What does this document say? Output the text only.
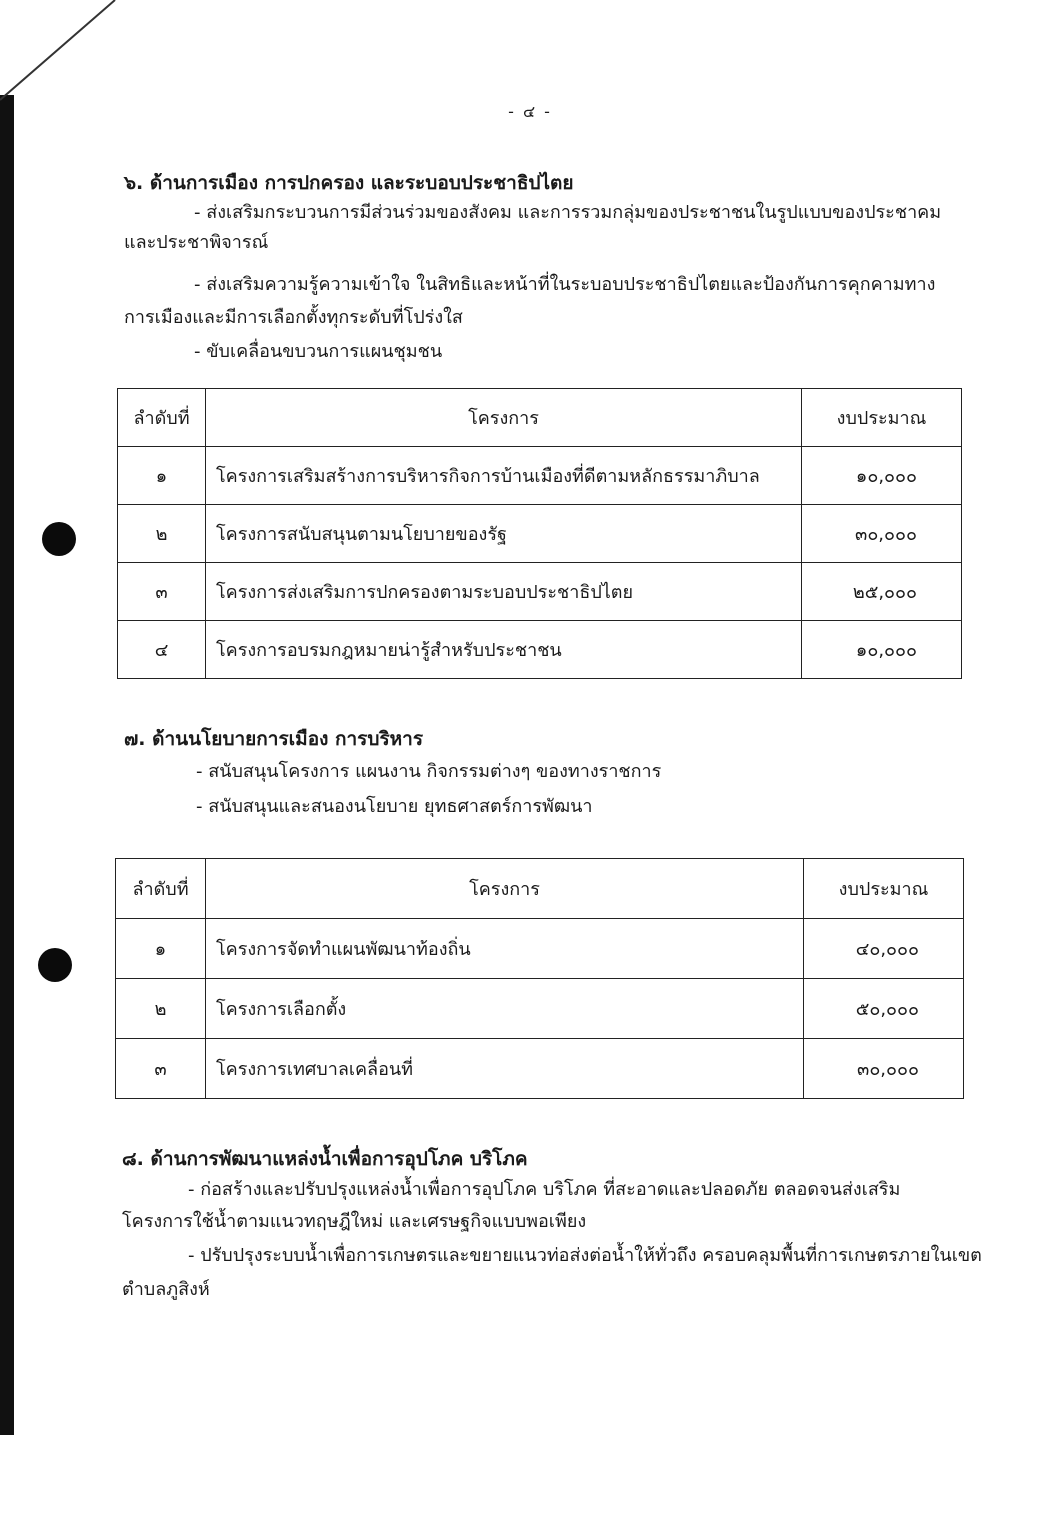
- ๔ -
๖. ด้านการเมือง การปกครอง และระบอบประชาธิปไตย
- ส่งเสริมกระบวนการมีส่วนร่วมของสังคม และการรวมกลุ่มของประชาชนในรูปแบบของประชาคม
และประชาพิจารณ์
- ส่งเสริมความรู้ความเข้าใจ ในสิทธิและหน้าที่ในระบอบประชาธิปไตยและป้องกันการคุกคามทาง
การเมืองและมีการเลือกตั้งทุกระดับที่โปร่งใส
- ขับเคลื่อนขบวนการแผนชุมชน
ลำดับที่	โครงการ	งบประมาณ
๑	โครงการเสริมสร้างการบริหารกิจการบ้านเมืองที่ดีตามหลักธรรมาภิบาล	๑๐,๐๐๐
๒	โครงการสนับสนุนตามนโยบายของรัฐ	๓๐,๐๐๐
๓	โครงการส่งเสริมการปกครองตามระบอบประชาธิปไตย	๒๕,๐๐๐
๔	โครงการอบรมกฎหมายน่ารู้สำหรับประชาชน	๑๐,๐๐๐
๗. ด้านนโยบายการเมือง การบริหาร
- สนับสนุนโครงการ แผนงาน กิจกรรมต่างๆ ของทางราชการ
- สนับสนุนและสนองนโยบาย ยุทธศาสตร์การพัฒนา
ลำดับที่	โครงการ	งบประมาณ
๑	โครงการจัดทำแผนพัฒนาท้องถิ่น	๔๐,๐๐๐
๒	โครงการเลือกตั้ง	๕๐,๐๐๐
๓	โครงการเทศบาลเคลื่อนที่	๓๐,๐๐๐
๘. ด้านการพัฒนาแหล่งน้ำเพื่อการอุปโภค บริโภค
- ก่อสร้างและปรับปรุงแหล่งน้ำเพื่อการอุปโภค บริโภค ที่สะอาดและปลอดภัย ตลอดจนส่งเสริม
โครงการใช้น้ำตามแนวทฤษฎีใหม่ และเศรษฐกิจแบบพอเพียง
- ปรับปรุงระบบน้ำเพื่อการเกษตรและขยายแนวท่อส่งต่อน้ำให้ทั่วถึง ครอบคลุมพื้นที่การเกษตรภายในเขต
ตำบลภูสิงห์
